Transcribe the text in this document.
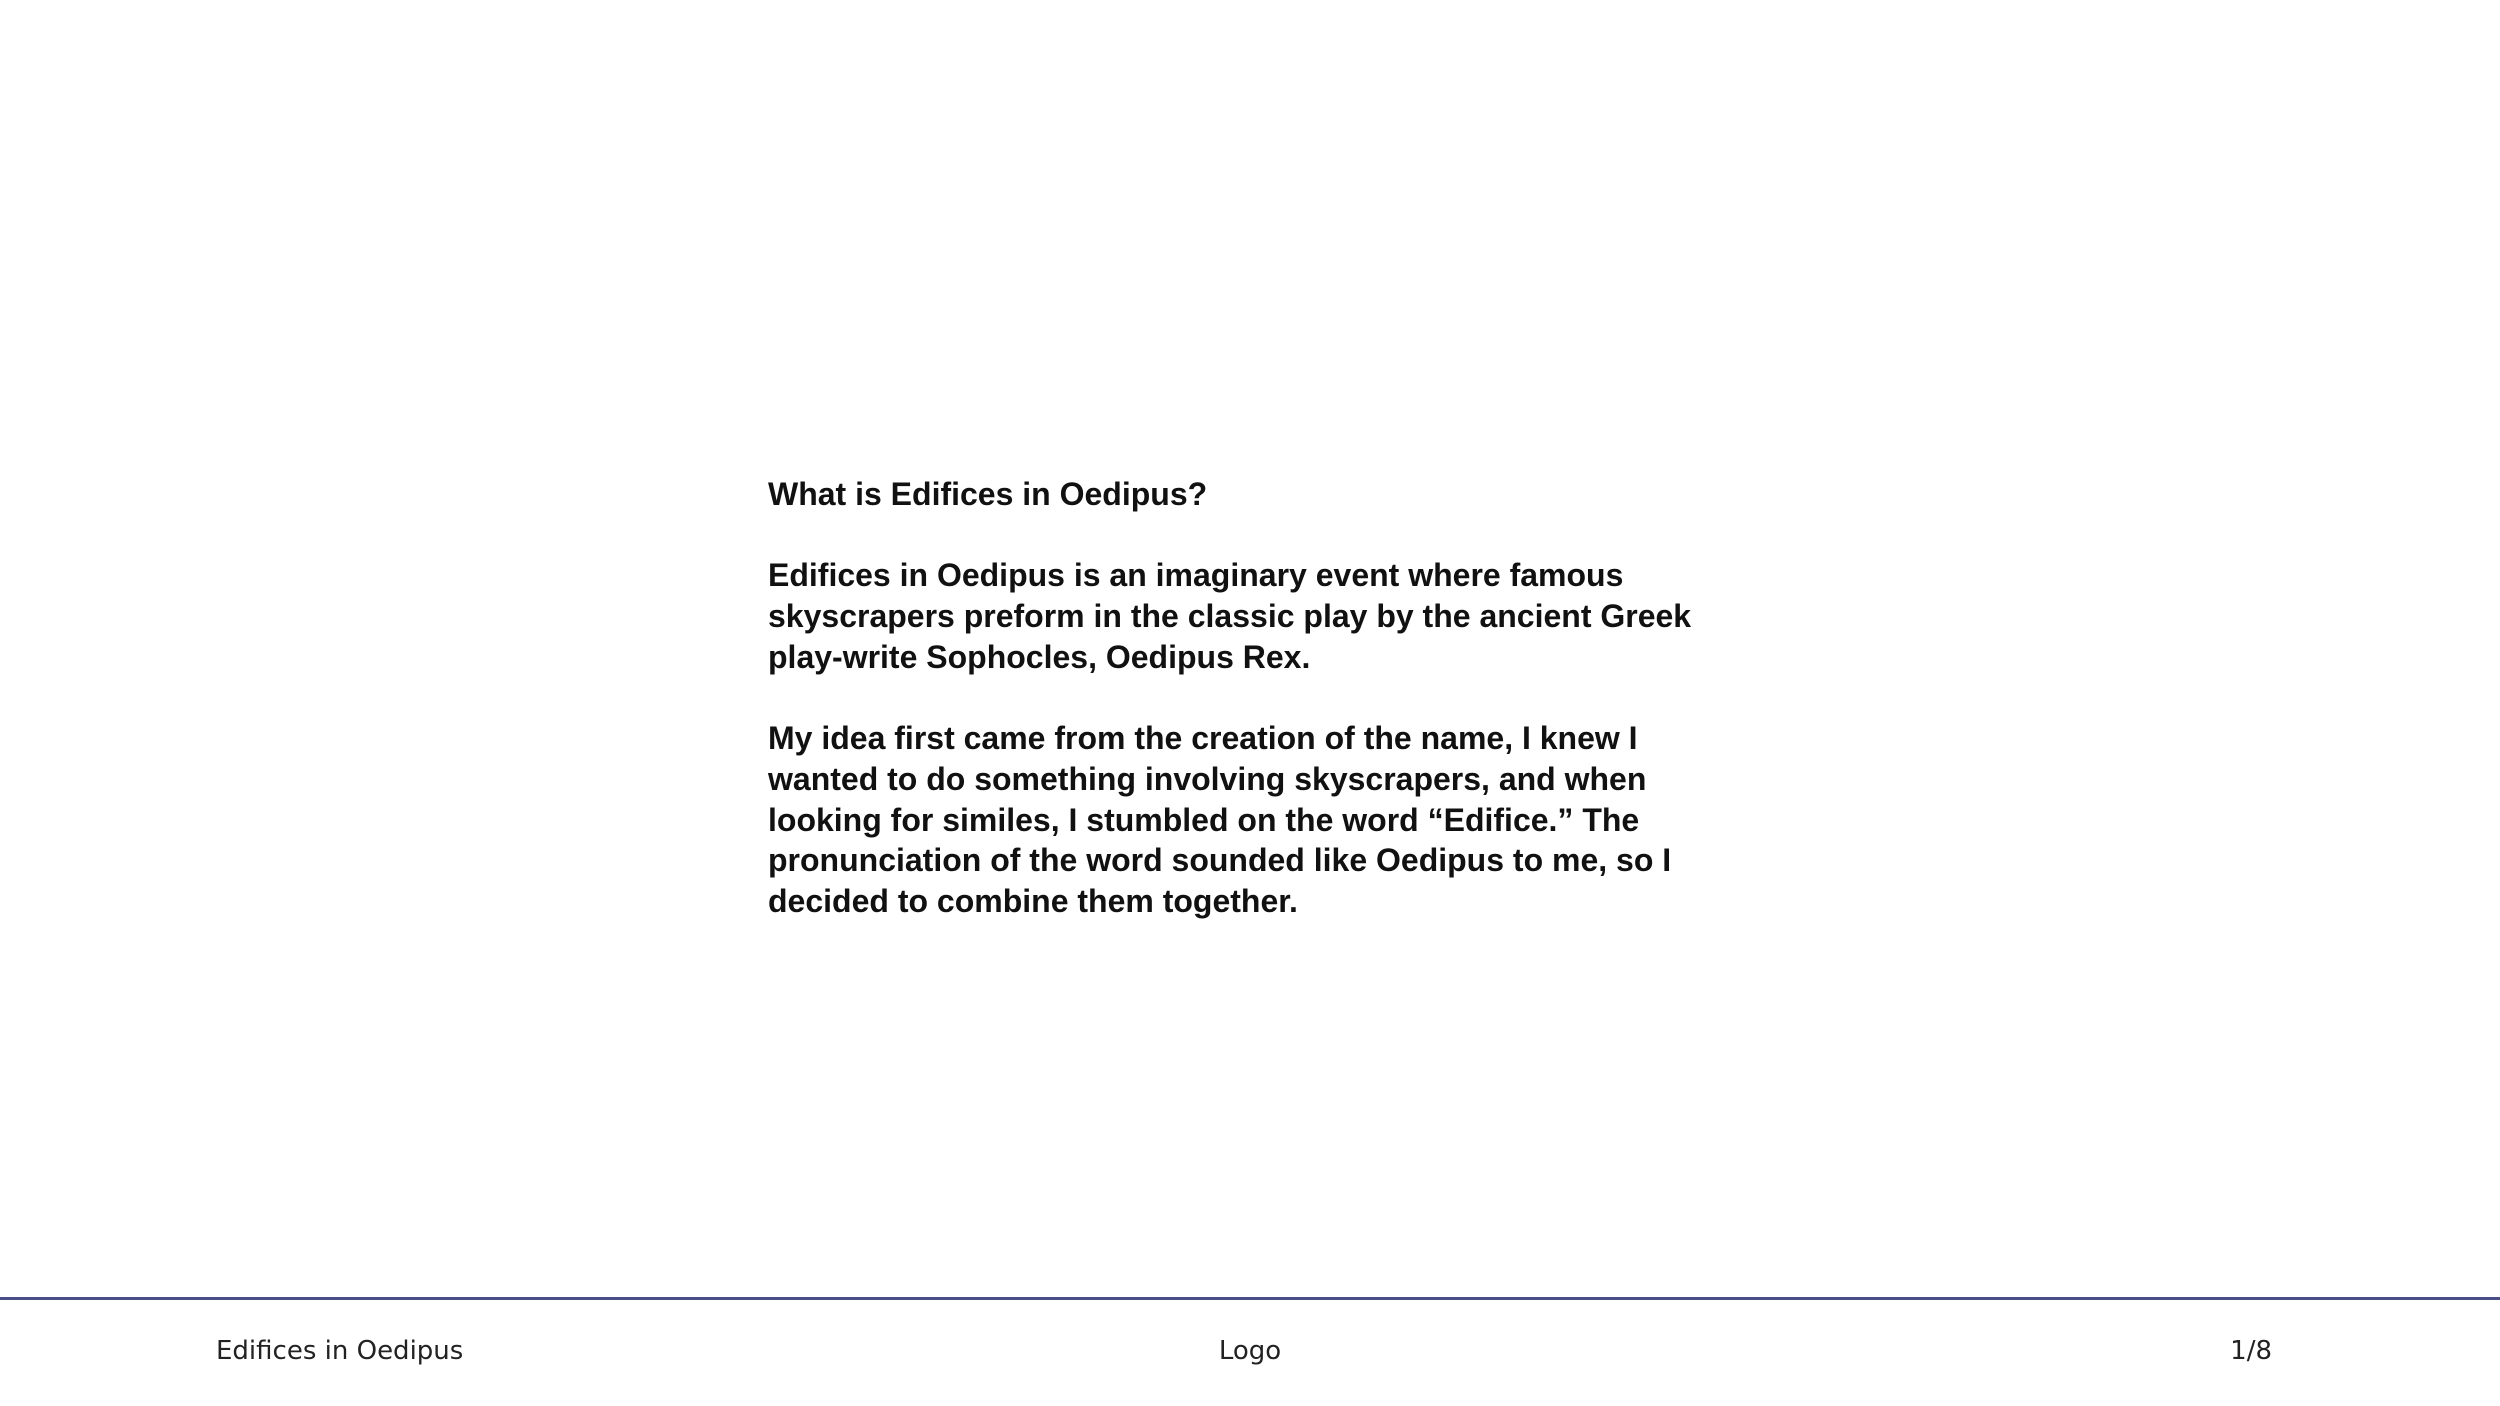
What is Edifices in Oedipus?

Edifices in Oedipus is an imaginary event where famous skyscrapers preform in the classic play by the ancient Greek play-write Sophocles, Oedipus Rex.

My idea first came from the creation of the name, I knew I wanted to do something involving skyscrapers, and when looking for similes, I stumbled on the word “Edifice.” The pronunciation of the word sounded like Oedipus to me, so I decided to combine them together.

Edifices in Oedipus	Logo	1/8
